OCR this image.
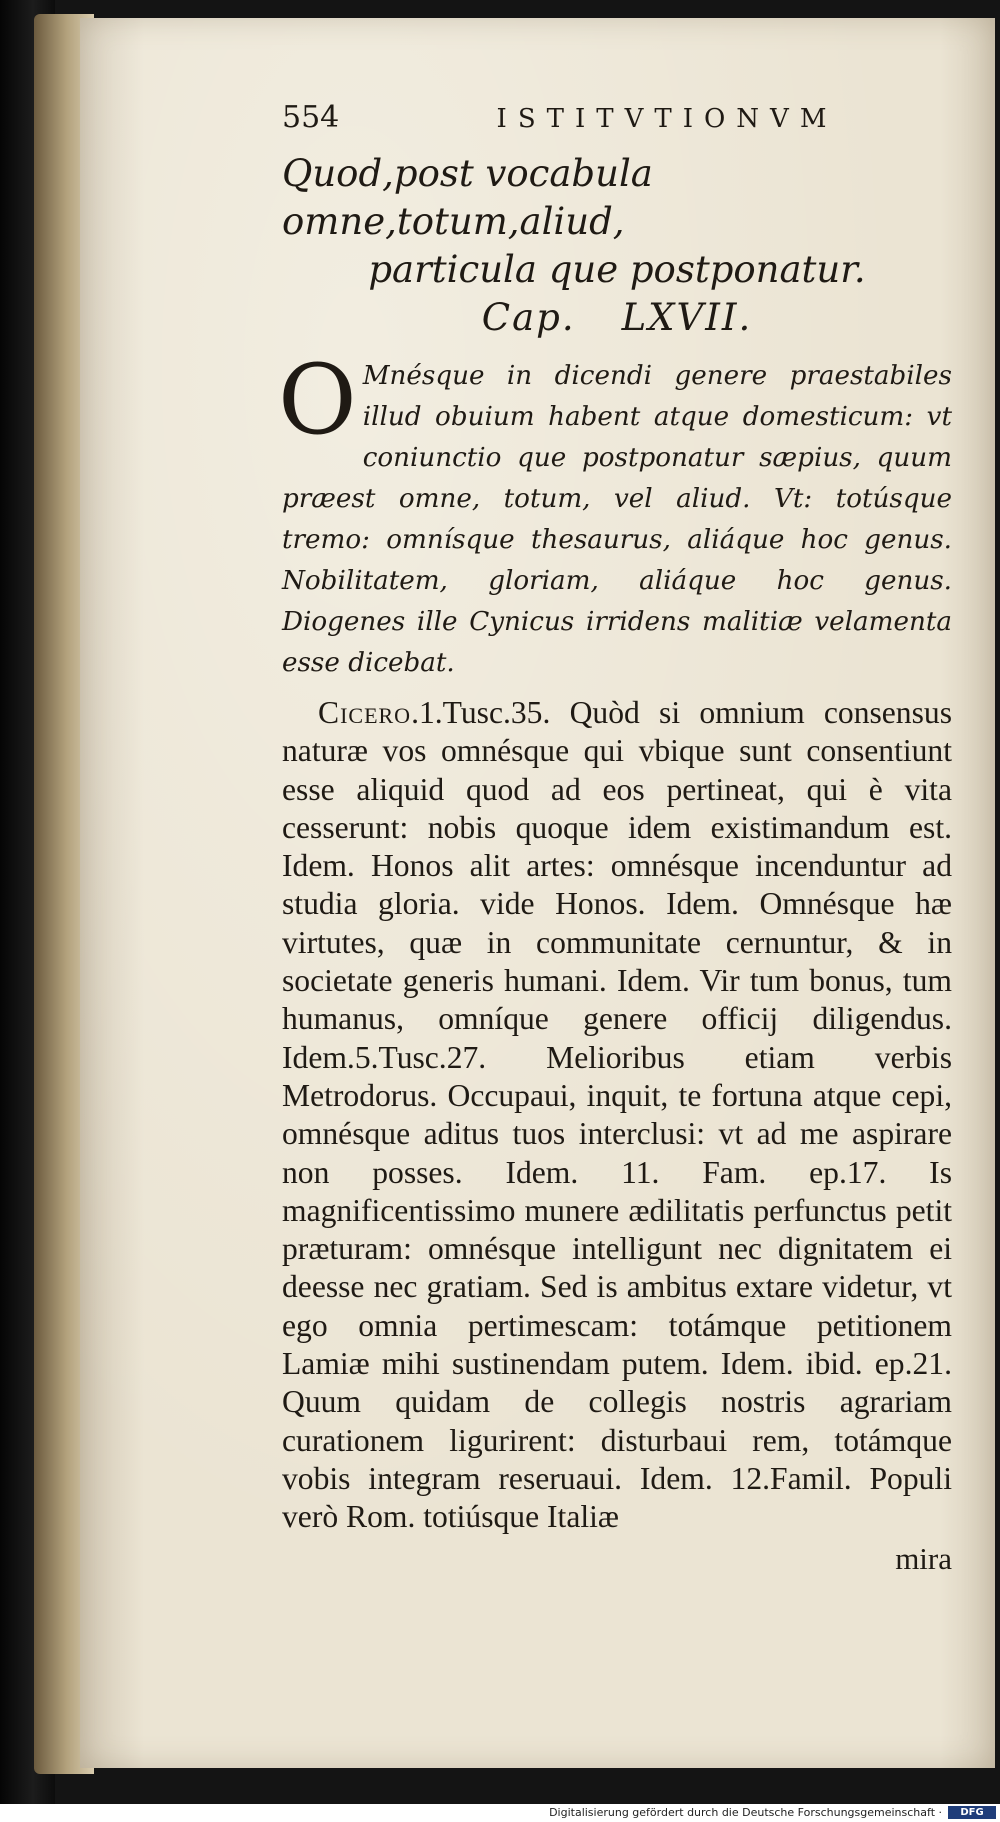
554	ISTITVTIONVM
Quod,post vocabula omne,totum,aliud,
particula que postponatur.
Cap. LXVII.
O Mnésque in dicendi genere praestabiles illud obuium habent atque domesticum: vt coniunctio que postponatur sæpius, quum præest omne, totum, vel aliud. Vt: totúsque tremo: omnísque thesaurus, aliáque hoc genus. Nobilitatem, gloriam, aliáque hoc genus. Diogenes ille Cynicus irridens malitiæ velamenta esse dicebat.
Cicero.1.Tusc.35. Quòd si omnium consensus naturæ vos omnésque qui vbique sunt consentiunt esse aliquid quod ad eos pertineat, qui è vita cesserunt: nobis quoque idem existimandum est. Idem. Honos alit artes: omnésque incenduntur ad studia gloria. vide Honos. Idem. Omnésque hæ virtutes, quæ in communitate cernuntur, & in societate generis humani. Idem. Vir tum bonus, tum humanus, omníque genere officij diligendus. Idem.5.Tusc.27. Melioribus etiam verbis Metrodorus. Occupaui, inquit, te fortuna atque cepi, omnésque aditus tuos interclusi: vt ad me aspirare non posses. Idem. 11. Fam. ep.17. Is magnificentissimo munere ædilitatis perfunctus petit præturam: omnésque intelligunt nec dignitatem ei deesse nec gratiam. Sed is ambitus extare videtur, vt ego omnia pertimescam: totámque petitionem Lamiæ mihi sustinendam putem. Idem. ibid. ep.21. Quum quidam de collegis nostris agrariam curationem ligurirent: disturbaui rem, totámque vobis integram reseruaui. Idem. 12.Famil. Populi verò Rom. totiúsque Italiæ
mira
Digitalisierung gefördert durch die Deutsche Forschungsgemeinschaft ·	DFG
